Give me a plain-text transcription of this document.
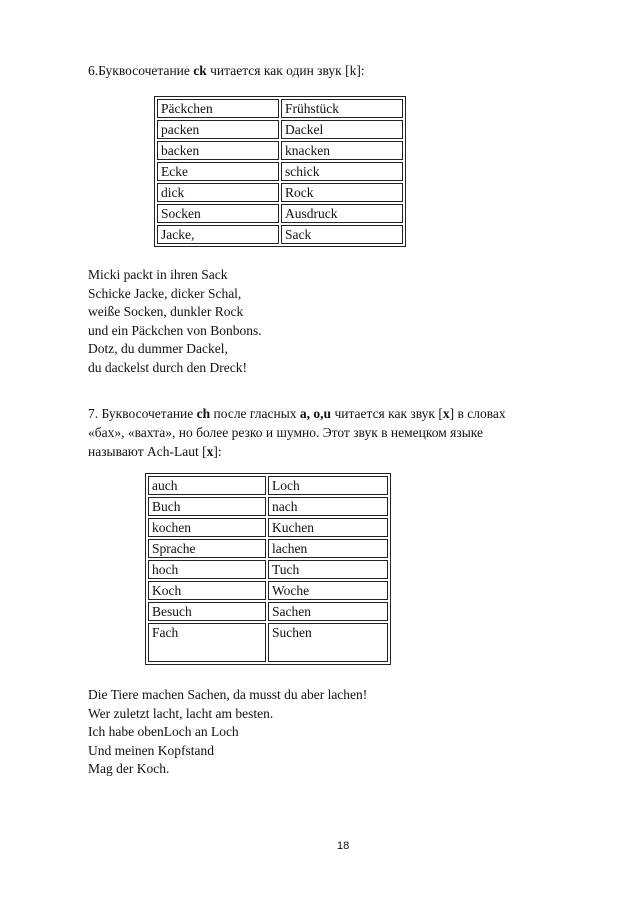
6.Буквосочетание ck читается как один звук [k]:
Päckchen	Frühstück
packen	Dackel
backen	knacken
Ecke	schick
dick	Rock
Socken	Ausdruck
Jacke,	Sack
Micki packt in ihren Sack
Schicke Jacke, dicker Schal,
weiße Socken, dunkler Rock
und ein Päckchen von Bonbons.
Dotz, du dummer Dackel,
du dackelst durch den Dreck!
7. Буквосочетание ch после гласных a, o,u читается как звук [x] в словах
«бах», «вахта», но более резко и шумно. Этот звук в немецком языке
называют Ach-Laut [x]:
auch	Loch
Buch	nach
kochen	Kuchen
Sprache	lachen
hoch	Tuch
Koch	Woche
Besuch	Sachen
Fach	Suchen
Die Tiere machen Sachen, da musst du aber lachen!
Wer zuletzt lacht, lacht am besten.
Ich habe obenLoch an Loch
Und meinen Kopfstand
Mag der Koch.
18
